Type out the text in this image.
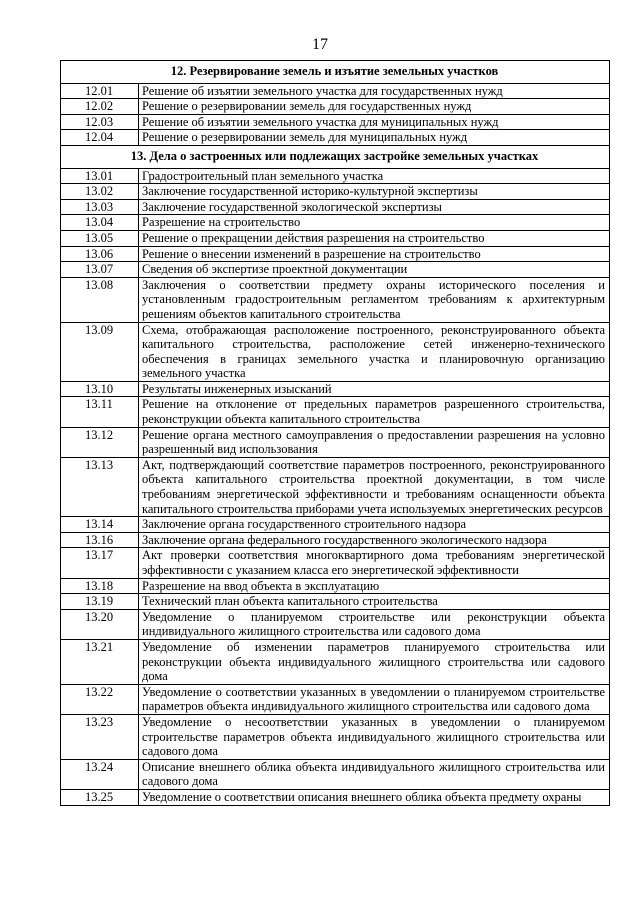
17
12. Резервирование земель и изъятие земельных участков	
12.01	Решение об изъятии земельного участка для государственных нужд
12.02	Решение о резервировании земель для государственных нужд
12.03	Решение об изъятии земельного участка для муниципальных нужд
12.04	Решение о резервировании земель для муниципальных нужд
13. Дела о застроенных или подлежащих застройке земельных участках	
13.01	Градостроительный план земельного участка
13.02	Заключение государственной историко-культурной экспертизы
13.03	Заключение государственной экологической экспертизы
13.04	Разрешение на строительство
13.05	Решение о прекращении действия разрешения на строительство
13.06	Решение о внесении изменений в разрешение на строительство
13.07	Сведения об экспертизе проектной документации
13.08	Заключения о соответствии предмету охраны исторического поселения и установленным градостроительным регламентом требованиям к архитектурным решениям объектов капитального строительства
13.09	Схема, отображающая расположение построенного, реконструированного объекта капитального строительства, расположение сетей инженерно-технического обеспечения в границах земельного участка и планировочную организацию земельного участка
13.10	Результаты инженерных изысканий
13.11	Решение на отклонение от предельных параметров разрешенного строительства, реконструкции объекта капитального строительства
13.12	Решение органа местного самоуправления о предоставлении разрешения на условно разрешенный вид использования
13.13	Акт, подтверждающий соответствие параметров построенного, реконструированного объекта капитального строительства проектной документации, в том числе требованиям энергетической эффективности и требованиям оснащенности объекта капитального строительства приборами учета используемых энергетических ресурсов
13.14	Заключение органа государственного строительного надзора
13.16	Заключение органа федерального государственного экологического надзора
13.17	Акт проверки соответствия многоквартирного дома требованиям энергетической эффективности с указанием класса его энергетической эффективности
13.18	Разрешение на ввод объекта в эксплуатацию
13.19	Технический план объекта капитального строительства
13.20	Уведомление о планируемом строительстве или реконструкции объекта индивидуального жилищного строительства или садового дома
13.21	Уведомление об изменении параметров планируемого строительства или реконструкции объекта индивидуального жилищного строительства или садового дома
13.22	Уведомление о соответствии указанных в уведомлении о планируемом строительстве параметров объекта индивидуального жилищного строительства или садового дома
13.23	Уведомление о несоответствии указанных в уведомлении о планируемом строительстве параметров объекта индивидуального жилищного строительства или садового дома
13.24	Описание внешнего облика объекта индивидуального жилищного строительства или садового дома
13.25	Уведомление о соответствии описания внешнего облика объекта предмету охраны
